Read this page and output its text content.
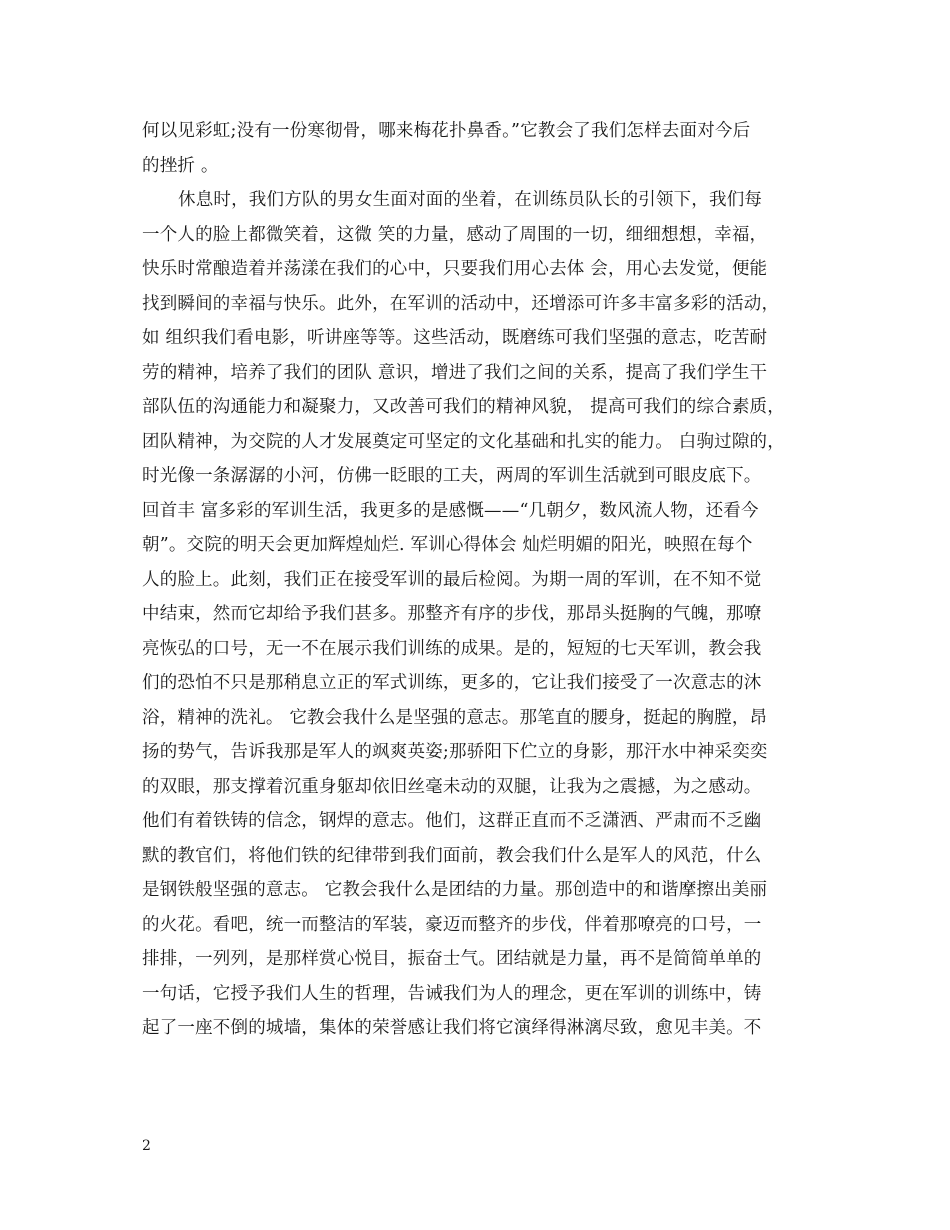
何以见彩虹;没有一份寒彻骨，哪来梅花扑鼻香。”它教会了我们怎样去面对今后
的挫折 。
休息时，我们方队的男女生面对面的坐着，在训练员队长的引领下，我们每
一个人的脸上都微笑着，这微 笑的力量，感动了周围的一切，细细想想，幸福，
快乐时常酿造着并荡漾在我们的心中，只要我们用心去体 会，用心去发觉，便能
找到瞬间的幸福与快乐。此外，在军训的活动中，还增添可许多丰富多彩的活动，
如 组织我们看电影，听讲座等等。这些活动，既磨练可我们坚强的意志，吃苦耐
劳的精神，培养了我们的团队 意识，增进了我们之间的关系，提高了我们学生干
部队伍的沟通能力和凝聚力，又改善可我们的精神风貌， 提高可我们的综合素质，
团队精神，为交院的人才发展奠定可坚定的文化基础和扎实的能力。 白驹过隙的，
时光像一条潺潺的小河，仿佛一眨眼的工夫，两周的军训生活就到可眼皮底下。
回首丰 富多彩的军训生活，我更多的是感慨——“几朝夕，数风流人物，还看今
朝”。交院的明天会更加辉煌灿烂. 军训心得体会 灿烂明媚的阳光，映照在每个
人的脸上。此刻，我们正在接受军训的最后检阅。为期一周的军训，在不知不觉
中结束，然而它却给予我们甚多。那整齐有序的步伐，那昂头挺胸的气魄，那嘹
亮恢弘的口号，无一不在展示我们训练的成果。是的，短短的七天军训，教会我
们的恐怕不只是那稍息立正的军式训练，更多的，它让我们接受了一次意志的沐
浴，精神的洗礼。 它教会我什么是坚强的意志。那笔直的腰身，挺起的胸膛，昂
扬的势气，告诉我那是军人的飒爽英姿;那骄阳下伫立的身影，那汗水中神采奕奕
的双眼，那支撑着沉重身躯却依旧丝毫未动的双腿，让我为之震撼，为之感动。
他们有着铁铸的信念，钢焊的意志。他们，这群正直而不乏潇洒、严肃而不乏幽
默的教官们，将他们铁的纪律带到我们面前，教会我们什么是军人的风范，什么
是钢铁般坚强的意志。 它教会我什么是团结的力量。那创造中的和谐摩擦出美丽
的火花。看吧，统一而整洁的军装，豪迈而整齐的步伐，伴着那嘹亮的口号，一
排排，一列列，是那样赏心悦目，振奋士气。团结就是力量，再不是简简单单的
一句话，它授予我们人生的哲理，告诫我们为人的理念，更在军训的训练中，铸
起了一座不倒的城墙，集体的荣誉感让我们将它演绎得淋漓尽致，愈见丰美。不
2
